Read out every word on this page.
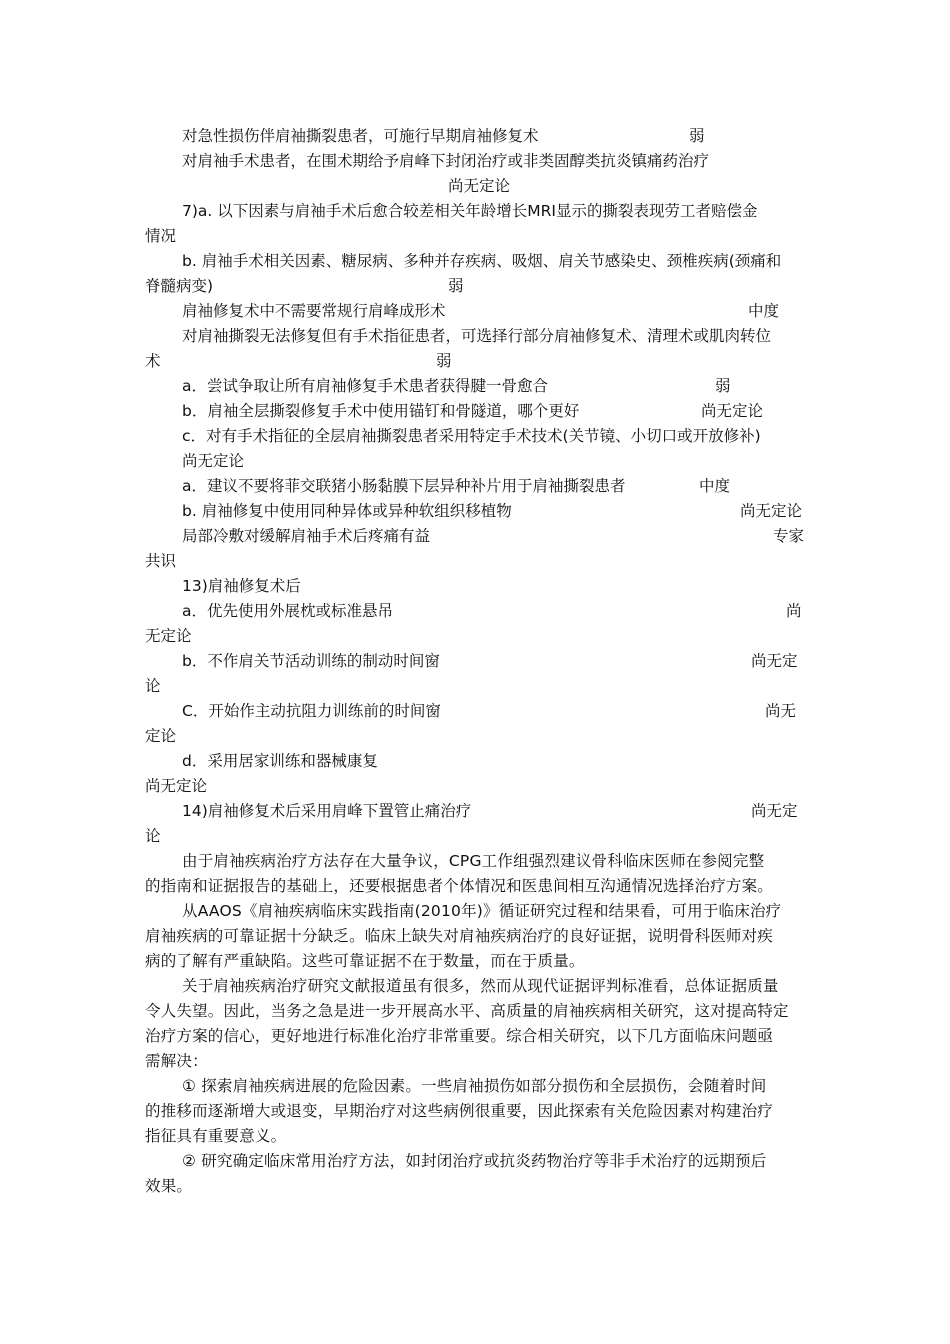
对急性损伤伴肩袖撕裂患者，可施行早期肩袖修复术	弱
对肩袖手术患者，在围术期给予肩峰下封闭治疗或非类固醇类抗炎镇痛药治疗
尚无定论
7)a. 以下因素与肩袖手术后愈合较差相关年龄增长MRI显示的撕裂表现劳工者赔偿金
情况
b. 肩袖手术相关因素、糖尿病、多种并存疾病、吸烟、肩关节感染史、颈椎疾病(颈痛和
脊髓病变)	弱
肩袖修复术中不需要常规行肩峰成形术	中度
对肩袖撕裂无法修复但有手术指征患者，可选择行部分肩袖修复术、清理术或肌肉转位
术	弱
a．尝试争取让所有肩袖修复手术患者获得腱一骨愈合	弱
b．肩袖全层撕裂修复手术中使用锚钉和骨隧道，哪个更好	尚无定论
c．对有手术指征的全层肩袖撕裂患者采用特定手术技术(关节镜、小切口或开放修补)
尚无定论
a．建议不要将菲交联猪小肠黏膜下层异种补片用于肩袖撕裂患者	中度
b. 肩袖修复中使用同种异体或异种软组织移植物	尚无定论
局部冷敷对缓解肩袖手术后疼痛有益	专家
共识
13)肩袖修复术后
a．优先使用外展枕或标准悬吊	尚
无定论
b．不作肩关节活动训练的制动时间窗	尚无定
论
C．开始作主动抗阻力训练前的时间窗	尚无
定论
d．采用居家训练和器械康复
尚无定论
14)肩袖修复术后采用肩峰下置管止痛治疗	尚无定
论
由于肩袖疾病治疗方法存在大量争议，CPG工作组强烈建议骨科临床医师在参阅完整
的指南和证据报告的基础上，还要根据患者个体情况和医患间相互沟通情况选择治疗方案。
从AAOS《肩袖疾病临床实践指南(2010年)》循证研究过程和结果看，可用于临床治疗
肩袖疾病的可靠证据十分缺乏。临床上缺失对肩袖疾病治疗的良好证据，说明骨科医师对疾
病的了解有严重缺陷。这些可靠证据不在于数量，而在于质量。
关于肩袖疾病治疗研究文献报道虽有很多，然而从现代证据评判标准看，总体证据质量
令人失望。因此，当务之急是进一步开展高水平、高质量的肩袖疾病相关研究，这对提高特定
治疗方案的信心，更好地进行标准化治疗非常重要。综合相关研究，以下几方面临床问题亟
需解决：
① 探索肩袖疾病进展的危险因素。一些肩袖损伤如部分损伤和全层损伤，会随着时间
的推移而逐渐增大或退变，早期治疗对这些病例很重要，因此探索有关危险因素对构建治疗
指征具有重要意义。
② 研究确定临床常用治疗方法，如封闭治疗或抗炎药物治疗等非手术治疗的远期预后
效果。
